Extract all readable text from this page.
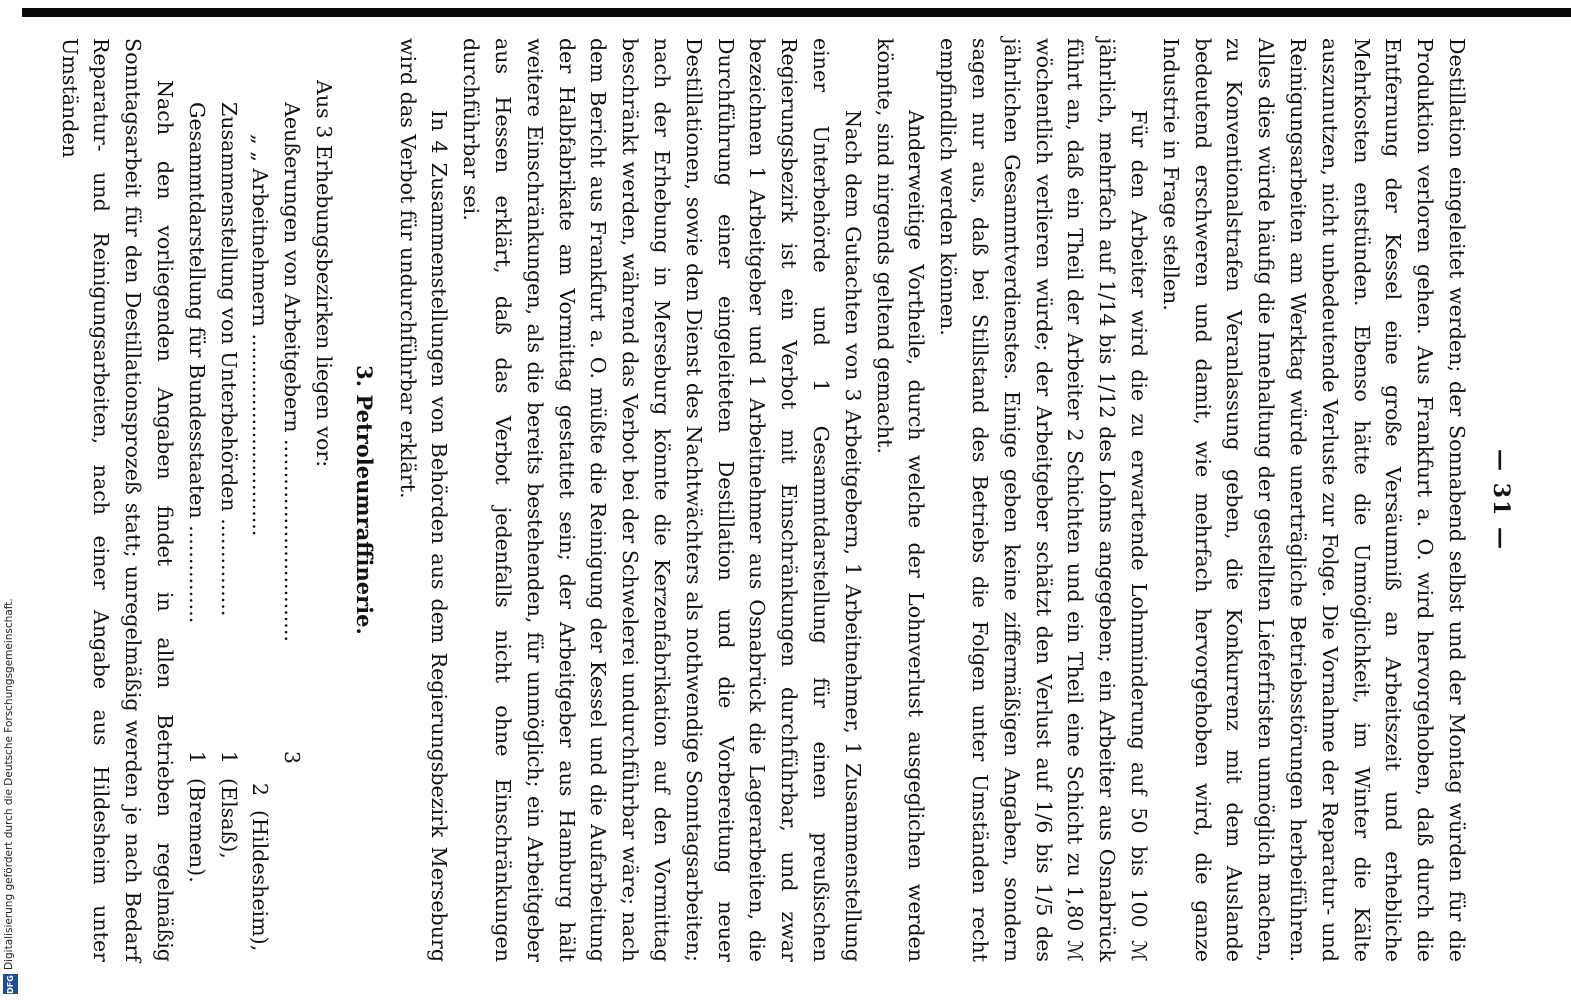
Digitalisierung gefördert durch die Deutsche Forschungsgemeinschaft.
DFG
— 31 —

Destillation eingeleitet werden; der Sonnabend selbst und der Montag würden für die Produktion verloren gehen. Aus Frankfurt a. O. wird hervorgehoben, daß durch die Entfernung der Kessel eine große Versäumniß an Arbeitszeit und erhebliche Mehrkosten entstünden. Ebenso hätte die Unmöglichkeit, im Winter die Kälte auszunutzen, nicht unbedeutende Verluste zur Folge. Die Vornahme der Reparatur- und Reinigungsarbeiten am Werktag würde unerträgliche Betriebsstörungen herbeiführen. Alles dies würde häufig die Innehaltung der gestellten Lieferfristen unmöglich machen, zu Konventionalstrafen Veranlassung geben, die Konkurrenz mit dem Auslande bedeutend erschweren und damit, wie mehrfach hervorgehoben wird, die ganze Industrie in Frage stellen.

Für den Arbeiter wird die zu erwartende Lohnminderung auf 50 bis 100 ℳ jährlich, mehrfach auf 1/14 bis 1/12 des Lohns angegeben; ein Arbeiter aus Osnabrück führt an, daß ein Theil der Arbeiter 2 Schichten und ein Theil eine Schicht zu 1,80 ℳ wöchentlich verlieren würde; der Arbeitgeber schätzt den Verlust auf 1/6 bis 1/5 des jährlichen Gesammtverdienstes. Einige geben keine ziffermäßigen Angaben, sondern sagen nur aus, daß bei Stillstand des Betriebs die Folgen unter Umständen recht empfindlich werden können.

Anderweitige Vortheile, durch welche der Lohnverlust ausgeglichen werden könnte, sind nirgends geltend gemacht.

Nach dem Gutachten von 3 Arbeitgebern, 1 Arbeitnehmer, 1 Zusammenstellung einer Unterbehörde und 1 Gesammtdarstellung für einen preußischen Regierungsbezirk ist ein Verbot mit Einschränkungen durchführbar, und zwar bezeichnen 1 Arbeitgeber und 1 Arbeitnehmer aus Osnabrück die Lagerarbeiten, die Durchführung einer eingeleiteten Destillation und die Vorbereitung neuer Destillationen, sowie den Dienst des Nachtwächters als nothwendige Sonntagsarbeiten; nach der Erhebung in Merseburg könnte die Kerzenfabrikation auf den Vormittag beschränkt werden, während das Verbot bei der Schwelerei undurchführbar wäre; nach dem Bericht aus Frankfurt a. O. müßte die Reinigung der Kessel und die Aufarbeitung der Halbfabrikate am Vormittag gestattet sein; der Arbeitgeber aus Hamburg hält weitere Einschränkungen, als die bereits bestehenden, für unmöglich; ein Arbeitgeber aus Hessen erklärt, daß das Verbot jedenfalls nicht ohne Einschränkungen durchführbar sei.

In 4 Zusammenstellungen von Behörden aus dem Regierungsbezirk Merseburg wird das Verbot für undurchführbar erklärt.

3. Petroleumraffinerie.

Aus 3 Erhebungsbezirken liegen vor:

Aeußerungen von Arbeitgebern ...............................
3
„ „ Arbeitnehmern ...............................
2
(Hildesheim),
Zusammenstellung von Unterbehörden ...............
1
(Elsaß),
Gesammtdarstellung für Bundesstaaten ...............
1
(Bremen).

Nach den vorliegenden Angaben findet in allen Betrieben regelmäßig Sonntagsarbeit für den Destillationsprozeß statt; unregelmäßig werden je nach Bedarf Reparatur- und Reinigungsarbeiten, nach einer Angabe aus Hildesheim unter Umständen
